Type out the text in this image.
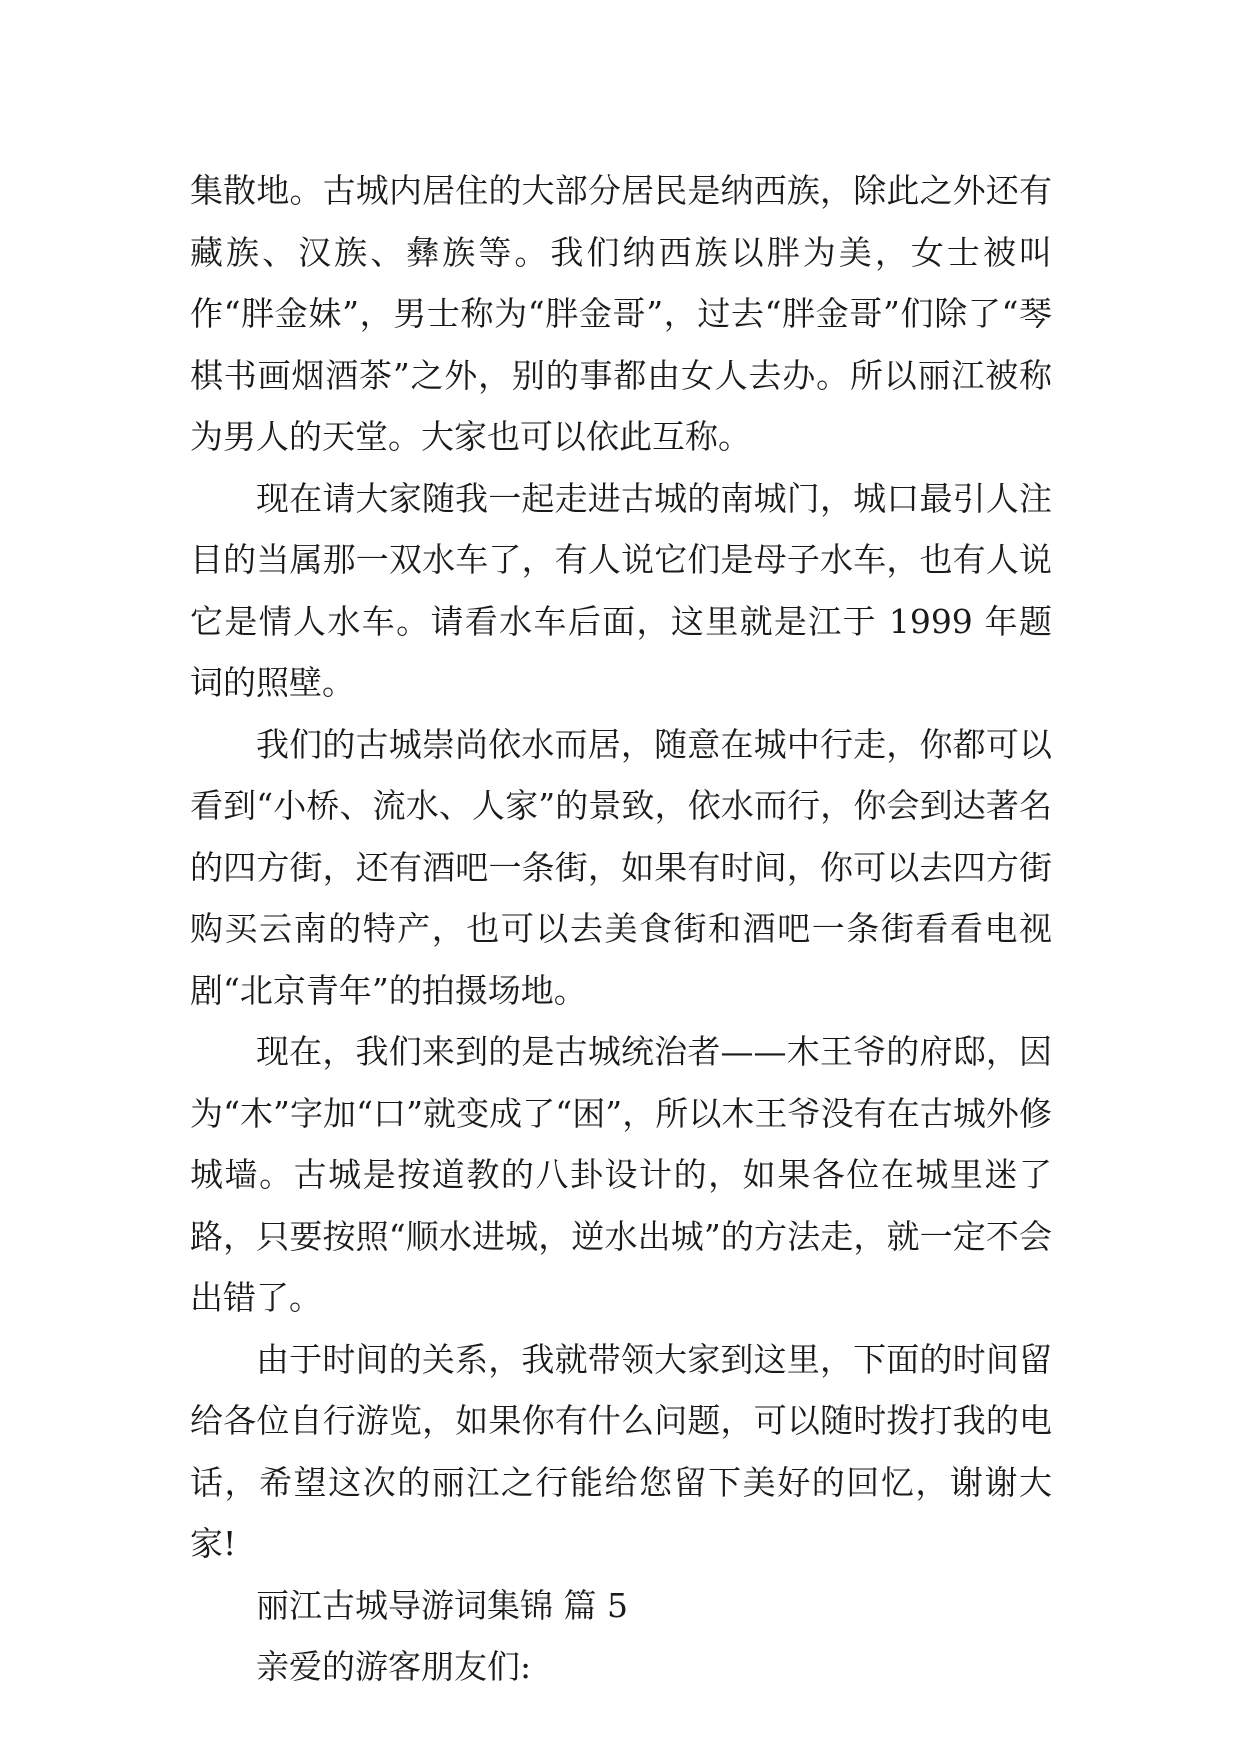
集散地。古城内居住的大部分居民是纳西族，除此之外还有藏族、汉族、彝族等。我们纳西族以胖为美，女士被叫作“胖金妹”，男士称为“胖金哥”，过去“胖金哥”们除了“琴棋书画烟酒茶”之外，别的事都由女人去办。所以丽江被称为男人的天堂。大家也可以依此互称。

现在请大家随我一起走进古城的南城门，城口最引人注目的当属那一双水车了，有人说它们是母子水车，也有人说它是情人水车。请看水车后面，这里就是江于 1999 年题词的照壁。

我们的古城崇尚依水而居，随意在城中行走，你都可以看到“小桥、流水、人家”的景致，依水而行，你会到达著名的四方街，还有酒吧一条街，如果有时间，你可以去四方街购买云南的特产，也可以去美食街和酒吧一条街看看电视剧“北京青年”的拍摄场地。

现在，我们来到的是古城统治者——木王爷的府邸，因为“木”字加“口”就变成了“困”，所以木王爷没有在古城外修城墙。古城是按道教的八卦设计的，如果各位在城里迷了路，只要按照“顺水进城，逆水出城”的方法走，就一定不会出错了。

由于时间的关系，我就带领大家到这里，下面的时间留给各位自行游览，如果你有什么问题，可以随时拨打我的电话，希望这次的丽江之行能给您留下美好的回忆，谢谢大家!

丽江古城导游词集锦 篇 5

亲爱的游客朋友们:
